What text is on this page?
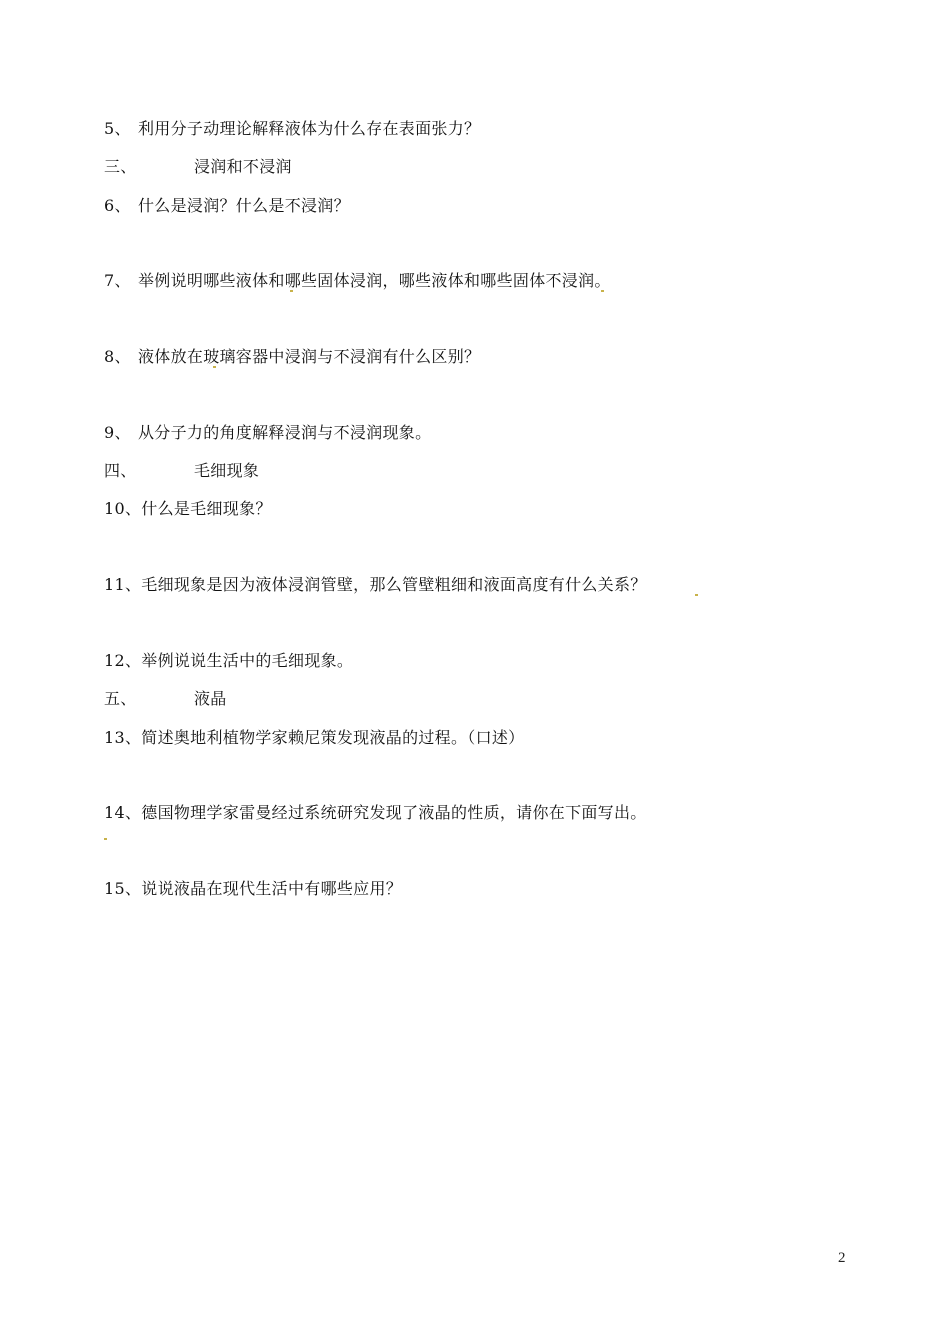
5、 利用分子动理论解释液体为什么存在表面张力？
三、	浸润和不浸润
6、 什么是浸润？什么是不浸润？
7、 举例说明哪些液体和哪些固体浸润，哪些液体和哪些固体不浸润。
8、 液体放在玻璃容器中浸润与不浸润有什么区别？
9、 从分子力的角度解释浸润与不浸润现象。
四、	毛细现象
10、什么是毛细现象？
11、毛细现象是因为液体浸润管壁，那么管壁粗细和液面高度有什么关系？
12、举例说说生活中的毛细现象。
五、	液晶
13、简述奥地利植物学家赖尼策发现液晶的过程。（口述）
14、德国物理学家雷曼经过系统研究发现了液晶的性质，请你在下面写出。
15、说说液晶在现代生活中有哪些应用？
2
